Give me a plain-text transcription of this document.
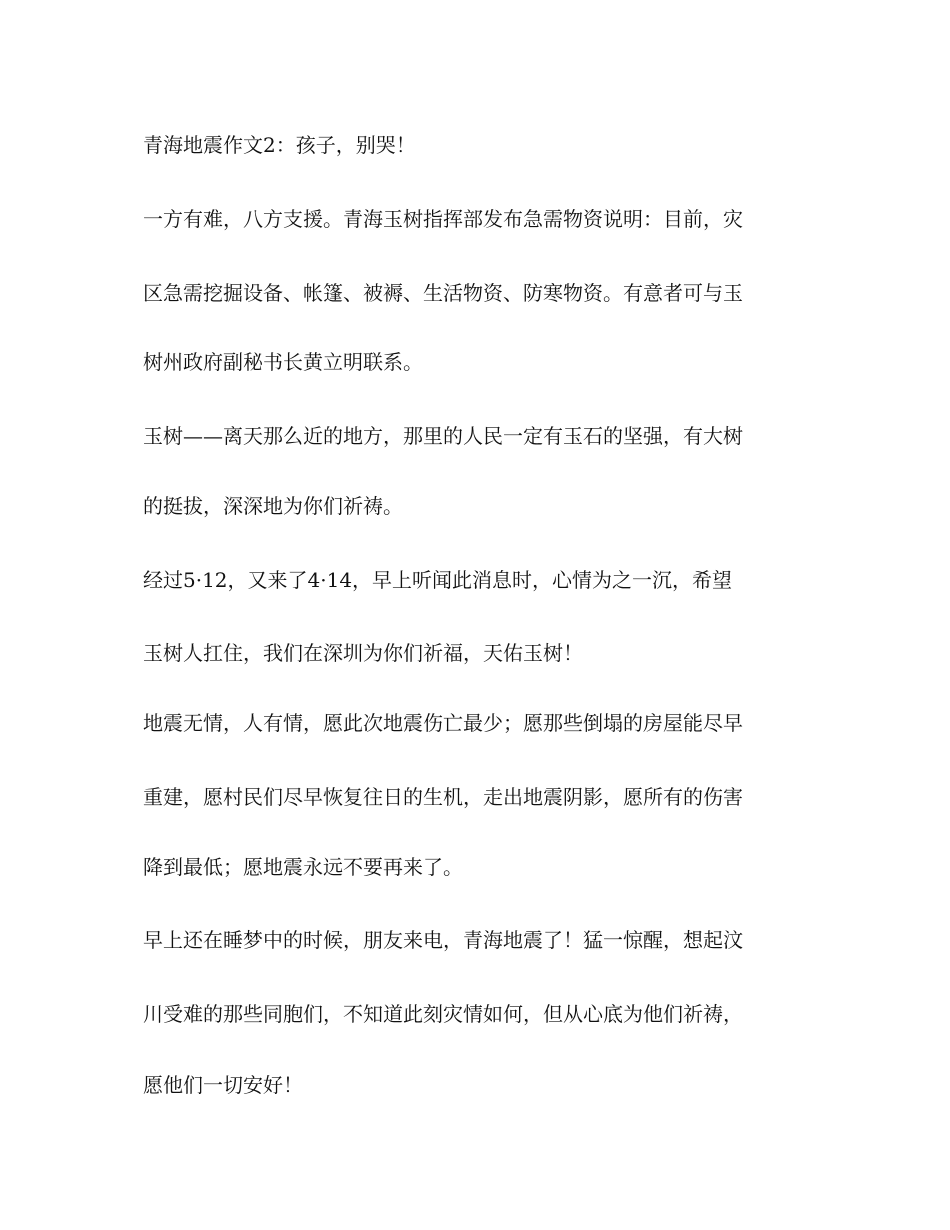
青海地震作文2：孩子，别哭！

一方有难，八方支援。青海玉树指挥部发布急需物资说明：目前，灾

区急需挖掘设备、帐篷、被褥、生活物资、防寒物资。有意者可与玉

树州政府副秘书长黄立明联系。

玉树——离天那么近的地方，那里的人民一定有玉石的坚强，有大树

的挺拔，深深地为你们祈祷。

经过5·12，又来了4·14，早上听闻此消息时，心情为之一沉，希望

玉树人扛住，我们在深圳为你们祈福，天佑玉树！

地震无情，人有情，愿此次地震伤亡最少；愿那些倒塌的房屋能尽早

重建，愿村民们尽早恢复往日的生机，走出地震阴影，愿所有的伤害

降到最低；愿地震永远不要再来了。

早上还在睡梦中的时候，朋友来电，青海地震了！猛一惊醒，想起汶

川受难的那些同胞们，不知道此刻灾情如何，但从心底为他们祈祷，

愿他们一切安好！
